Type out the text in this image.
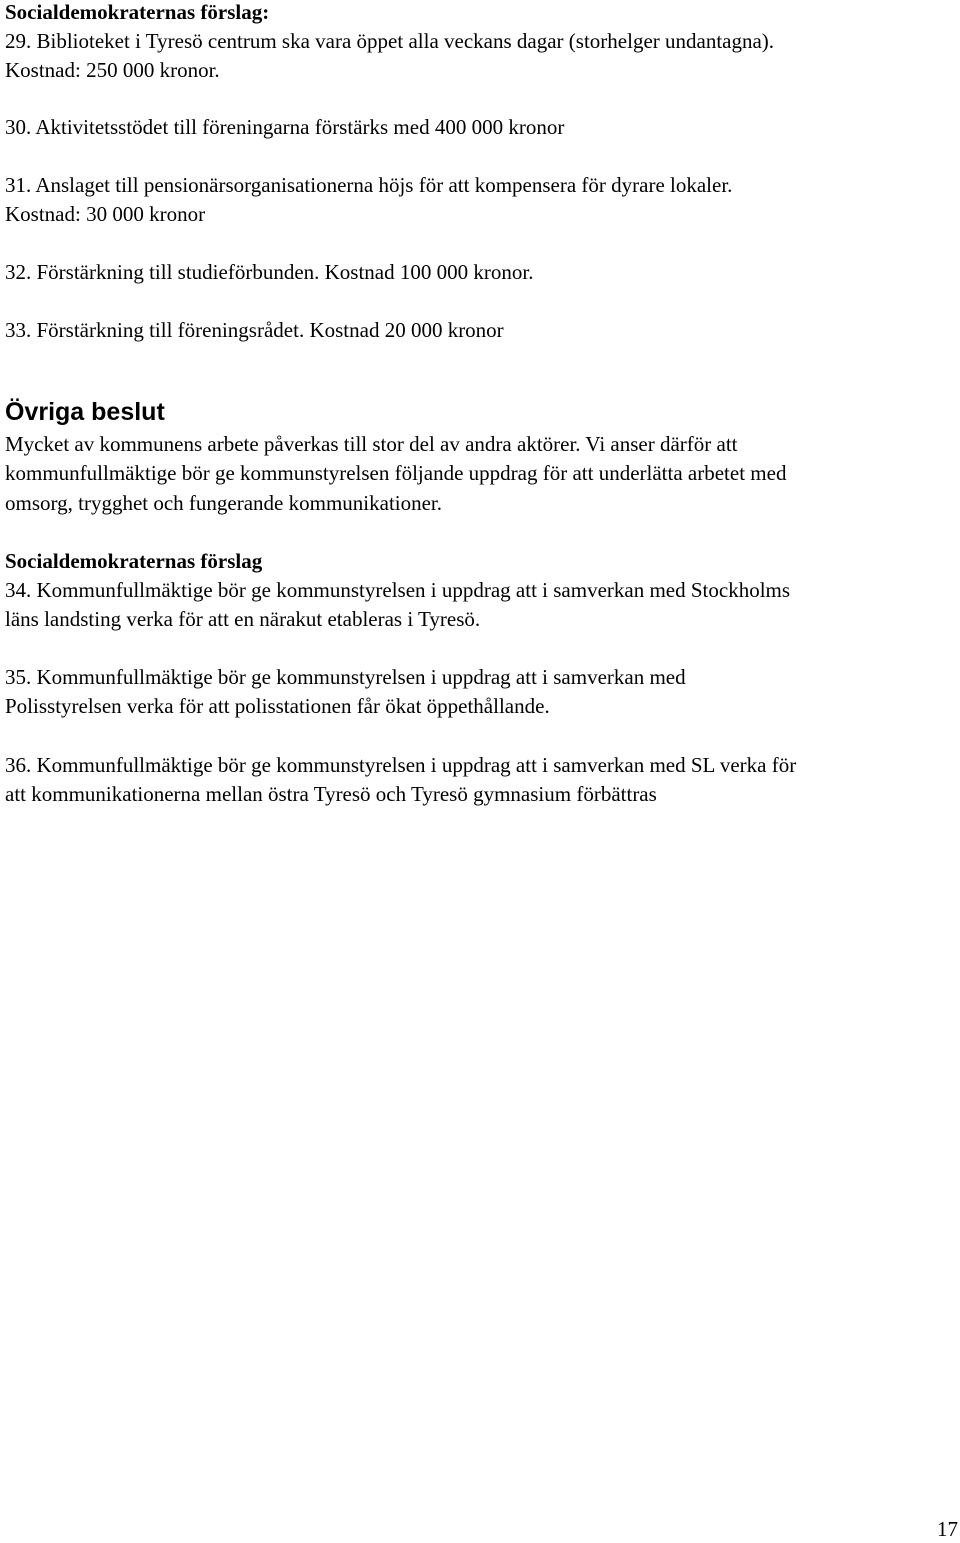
Socialdemokraternas förslag:

29. Biblioteket i Tyresö centrum ska vara öppet alla veckans dagar (storhelger undantagna).

Kostnad: 250 000 kronor.

30. Aktivitetsstödet till föreningarna förstärks med 400 000 kronor

31. Anslaget till pensionärsorganisationerna höjs för att kompensera för dyrare lokaler.

Kostnad: 30 000 kronor

32. Förstärkning till studieförbunden. Kostnad 100 000 kronor.

33. Förstärkning till föreningsrådet. Kostnad 20 000 kronor

Övriga beslut

Mycket av kommunens arbete påverkas till stor del av andra aktörer. Vi anser därför att

kommunfullmäktige bör ge kommunstyrelsen följande uppdrag för att underlätta arbetet med

omsorg, trygghet och fungerande kommunikationer.

Socialdemokraternas förslag

34. Kommunfullmäktige bör ge kommunstyrelsen i uppdrag att i samverkan med Stockholms

läns landsting verka för att en närakut etableras i Tyresö.

35. Kommunfullmäktige bör ge kommunstyrelsen i uppdrag att i samverkan med

Polisstyrelsen verka för att polisstationen får ökat öppethållande.

36. Kommunfullmäktige bör ge kommunstyrelsen i uppdrag att i samverkan med SL verka för

att kommunikationerna mellan östra Tyresö och Tyresö gymnasium förbättras

17
